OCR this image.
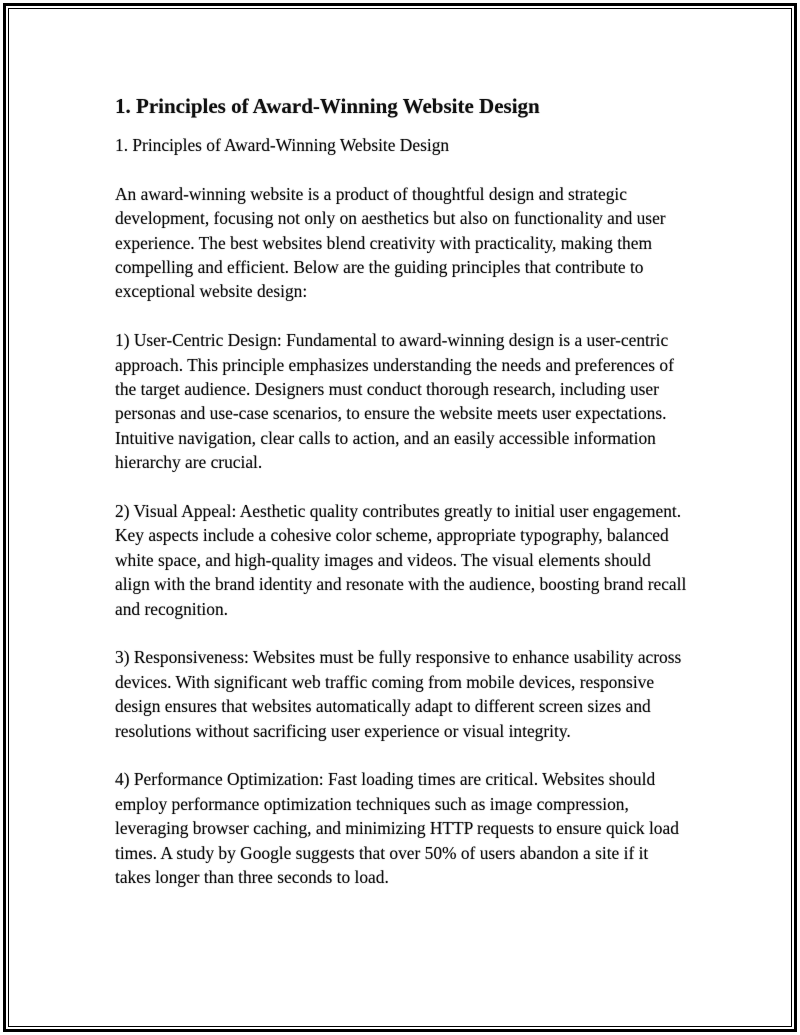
1. Principles of Award-Winning Website Design

1. Principles of Award-Winning Website Design

An award-winning website is a product of thoughtful design and strategic development, focusing not only on aesthetics but also on functionality and user experience. The best websites blend creativity with practicality, making them compelling and efficient. Below are the guiding principles that contribute to exceptional website design:

1) User-Centric Design: Fundamental to award-winning design is a user-centric approach. This principle emphasizes understanding the needs and preferences of the target audience. Designers must conduct thorough research, including user personas and use-case scenarios, to ensure the website meets user expectations. Intuitive navigation, clear calls to action, and an easily accessible information hierarchy are crucial.

2) Visual Appeal: Aesthetic quality contributes greatly to initial user engagement. Key aspects include a cohesive color scheme, appropriate typography, balanced white space, and high-quality images and videos. The visual elements should align with the brand identity and resonate with the audience, boosting brand recall and recognition.

3) Responsiveness: Websites must be fully responsive to enhance usability across devices. With significant web traffic coming from mobile devices, responsive design ensures that websites automatically adapt to different screen sizes and resolutions without sacrificing user experience or visual integrity.

4) Performance Optimization: Fast loading times are critical. Websites should employ performance optimization techniques such as image compression, leveraging browser caching, and minimizing HTTP requests to ensure quick load times. A study by Google suggests that over 50% of users abandon a site if it takes longer than three seconds to load.
